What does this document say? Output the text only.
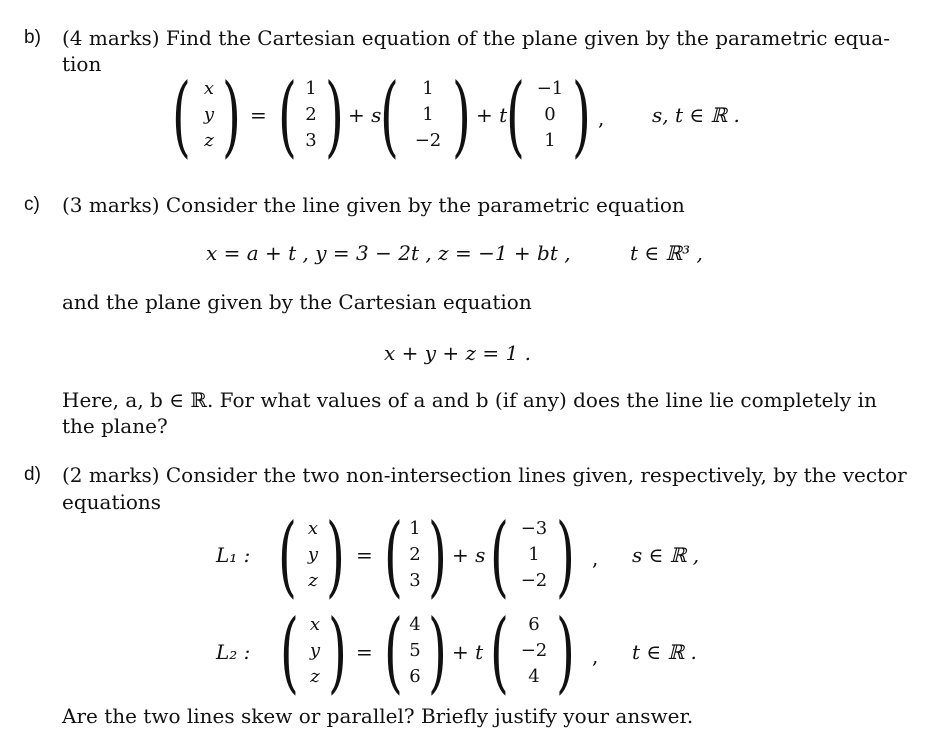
b) (4 marks) Find the Cartesian equation of the plane given by the parametric equa-
tion ( x
y
z ) = ( 1
2
3 ) + s
( 1
1
−2 ) + t
( −1
0
1 ) , s, t ∈ ℝ .
c) (3 marks) Consider the line given by the parametric equation
x = a + t , y = 3 − 2t , z = −1 + bt ,	t ∈ ℝ³ ,
and the plane given by the Cartesian equation
x + y + z = 1 .
Here, a, b ∈ ℝ. For what values of a and b (if any) does the line lie completely in
the plane?
d) (2 marks) Consider the two non-intersection lines given, respectively, by the vector
equations
L₁ : ( x
y
z ) = ( 1
2
3 ) + s ( −3
1
−2 ) , s ∈ ℝ ,
L₂ : ( x
y
z ) = ( 4
5
6 ) + t ( 6
−2
4 ) , t ∈ ℝ .
Are the two lines skew or parallel? Briefly justify your answer.
